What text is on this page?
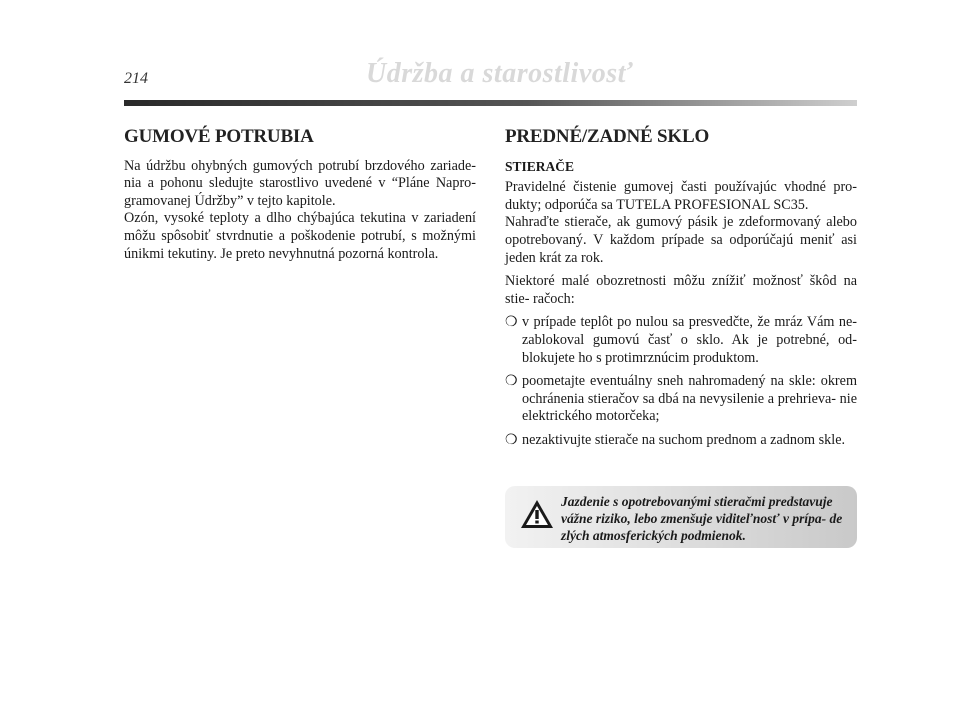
214	Údržba a starostlivosť
GUMOVÉ POTRUBIA

Na údržbu ohybných gumových potrubí brzdového zariade- nia a pohonu sledujte starostlivo uvedené v “Pláne Napro- gramovanej Údržby” v tejto kapitole.

Ozón, vysoké teploty a dlho chýbajúca tekutina v zariadení môžu spôsobiť stvrdnutie a poškodenie potrubí, s možnými únikmi tekutiny. Je preto nevyhnutná pozorná kontrola.

PREDNÉ/ZADNÉ SKLO
STIERAČE

Pravidelné čistenie gumovej časti používajúc vhodné pro- dukty; odporúča sa TUTELA PROFESIONAL SC35.

Nahraďte stierače, ak gumový pásik je zdeformovaný alebo opotrebovaný. V každom prípade sa odporúčajú meniť asi jeden krát za rok.

Niektoré malé obozretnosti môžu znížiť možnosť škôd na stie- račoch:

❍ v prípade teplôt po nulou sa presvedčte, že mráz Vám ne- zablokoval gumovú časť o sklo. Ak je potrebné, od- blokujete ho s protimrznúcim produktom.
❍ poometajte eventuálny sneh nahromadený na skle: okrem ochránenia stieračov sa dbá na nevysilenie a prehrieva- nie elektrického motorčeka;
❍ nezaktivujte stierače na suchom prednom a zadnom skle.
Jazdenie s opotrebovanými stieračmi predstavuje vážne riziko, lebo zmenšuje viditeľnosť v prípa- de zlých atmosferických podmienok.
